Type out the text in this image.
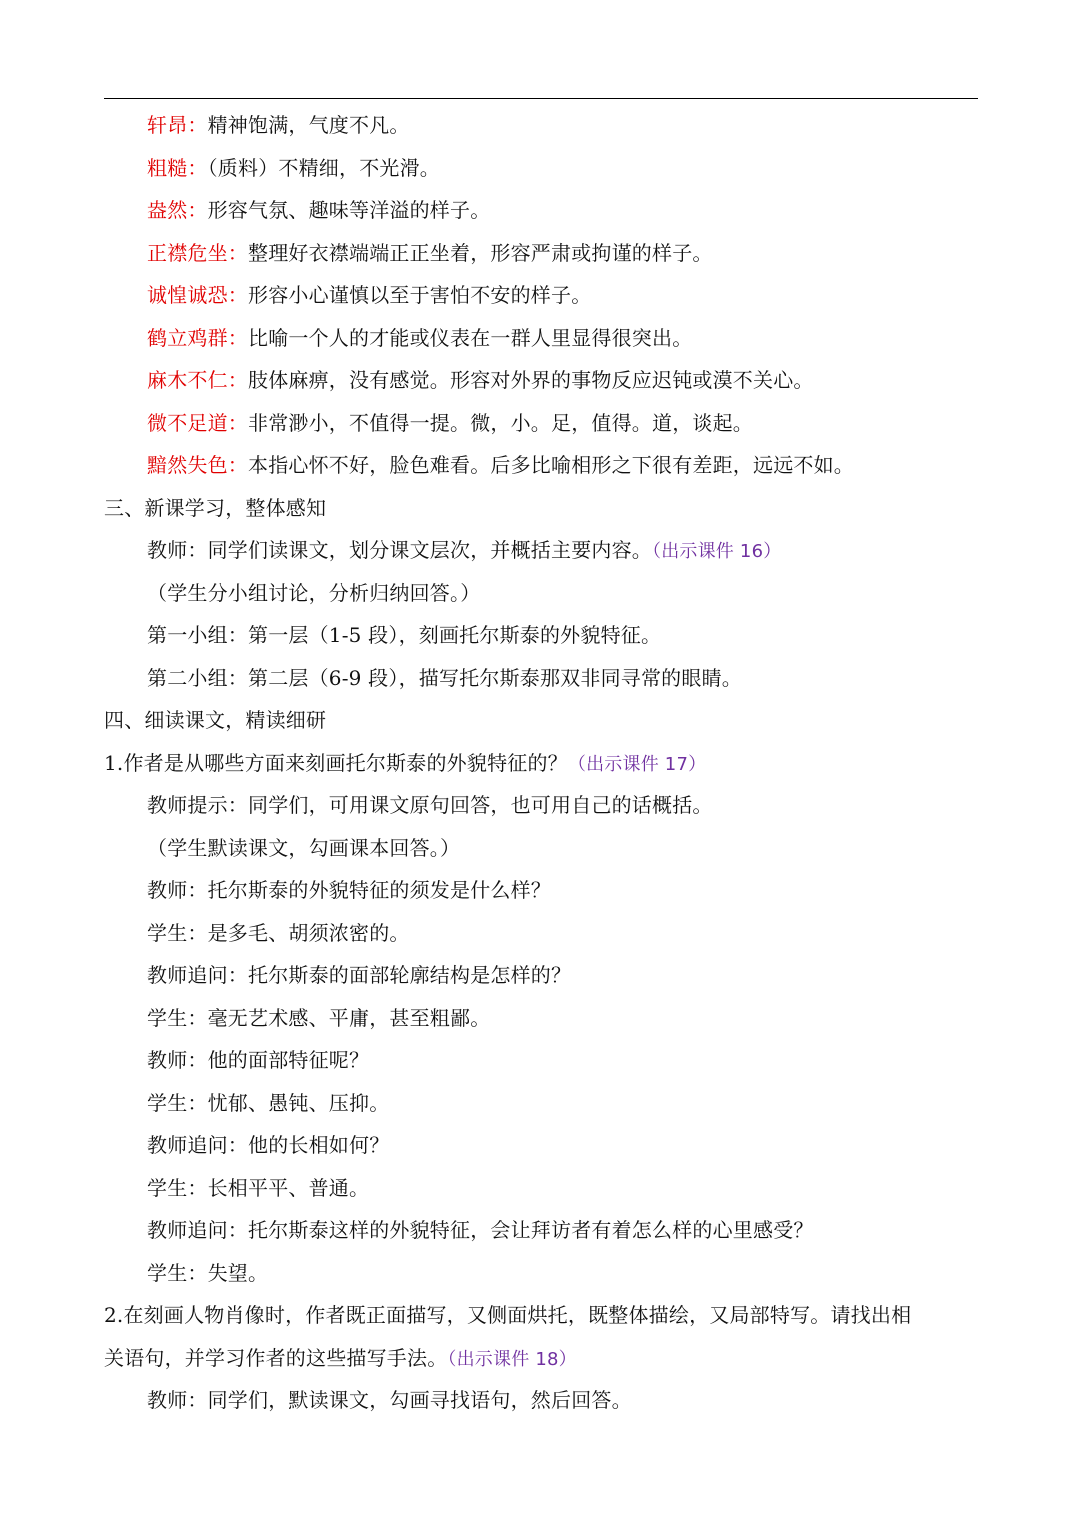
轩昂：精神饱满，气度不凡。
粗糙：（质料）不精细，不光滑。
盎然：形容气氛、趣味等洋溢的样子。
正襟危坐：整理好衣襟端端正正坐着，形容严肃或拘谨的样子。
诚惶诚恐：形容小心谨慎以至于害怕不安的样子。
鹤立鸡群：比喻一个人的才能或仪表在一群人里显得很突出。
麻木不仁：肢体麻痹，没有感觉。形容对外界的事物反应迟钝或漠不关心。
微不足道：非常渺小，不值得一提。微，小。足，值得。道，谈起。
黯然失色：本指心怀不好，脸色难看。后多比喻相形之下很有差距，远远不如。
三、新课学习，整体感知
教师：同学们读课文，划分课文层次，并概括主要内容。（出示课件 16）
（学生分小组讨论，分析归纳回答。）
第一小组：第一层（1-5 段），刻画托尔斯泰的外貌特征。
第二小组：第二层（6-9 段），描写托尔斯泰那双非同寻常的眼睛。
四、细读课文，精读细研
1.作者是从哪些方面来刻画托尔斯泰的外貌特征的？（出示课件 17）
教师提示：同学们，可用课文原句回答，也可用自己的话概括。
（学生默读课文，勾画课本回答。）
教师：托尔斯泰的外貌特征的须发是什么样？
学生：是多毛、胡须浓密的。
教师追问：托尔斯泰的面部轮廓结构是怎样的？
学生：毫无艺术感、平庸，甚至粗鄙。
教师：他的面部特征呢？
学生：忧郁、愚钝、压抑。
教师追问：他的长相如何？
学生：长相平平、普通。
教师追问：托尔斯泰这样的外貌特征，会让拜访者有着怎么样的心里感受？
学生：失望。
2.在刻画人物肖像时，作者既正面描写，又侧面烘托，既整体描绘，又局部特写。请找出相
关语句，并学习作者的这些描写手法。（出示课件 18）
教师：同学们，默读课文，勾画寻找语句，然后回答。
